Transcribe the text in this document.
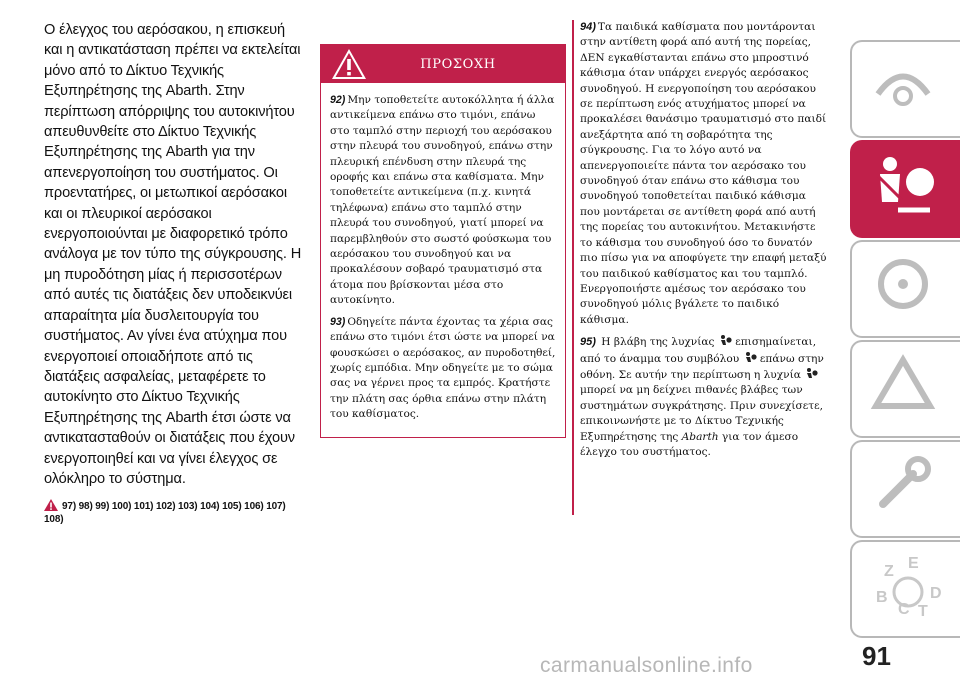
Ο έλεγχος του αερόσακου, η επισκευή και η αντικατάσταση πρέπει να εκτελείται μόνο από το Δίκτυο Τεχνικής Εξυπηρέτησης της Abarth. Στην περίπτωση απόρριψης του αυτοκινήτου απευθυνθείτε στο Δίκτυο Τεχνικής Εξυπηρέτησης της Abarth για την απενεργοποίηση του συστήματος. Οι προεντατήρες, οι μετωπικοί αερόσακοι και οι πλευρικοί αερόσακοι ενεργοποιούνται με διαφορετικό τρόπο ανάλογα με τον τύπο της σύγκρουσης. Η μη πυροδότηση μίας ή περισσοτέρων από αυτές τις διατάξεις δεν υποδεικνύει απαραίτητα μία δυσλειτουργία του συστήματος. Αν γίνει ένα ατύχημα που ενεργοποιεί οποιαδήποτε από τις διατάξεις ασφαλείας, μεταφέρετε το αυτοκίνητο στο Δίκτυο Τεχνικής Εξυπηρέτησης της Abarth έτσι ώστε να αντικατασταθούν οι διατάξεις που έχουν ενεργοποιηθεί και να γίνει έλεγχος σε ολόκληρο το σύστημα.

97) 98) 99) 100) 101) 102) 103) 104) 105) 106) 107) 108)
ΠΡΟΣΟΧΗ

92) Μην τοποθετείτε αυτοκόλλητα ή άλλα αντικείμενα επάνω στο τιμόνι, επάνω στο ταμπλό στην περιοχή του αερόσακου στην πλευρά του συνοδηγού, επάνω στην πλευρική επένδυση στην πλευρά της οροφής και επάνω στα καθίσματα. Μην τοποθετείτε αντικείμενα (π.χ. κινητά τηλέφωνα) επάνω στο ταμπλό στην πλευρά του συνοδηγού, γιατί μπορεί να παρεμβληθούν στο σωστό φούσκωμα του αερόσακου του συνοδηγού και να προκαλέσουν σοβαρό τραυματισμό στα άτομα που βρίσκονται μέσα στο αυτοκίνητο.

93) Οδηγείτε πάντα έχοντας τα χέρια σας επάνω στο τιμόνι έτσι ώστε να μπορεί να φουσκώσει ο αερόσακος, αν πυροδοτηθεί, χωρίς εμπόδια. Μην οδηγείτε με το σώμα σας να γέρνει προς τα εμπρός. Κρατήστε την πλάτη σας όρθια επάνω στην πλάτη του καθίσματος.

94) Τα παιδικά καθίσματα που μοντάρονται στην αντίθετη φορά από αυτή της πορείας, ΔΕΝ εγκαθίστανται επάνω στο μπροστινό κάθισμα όταν υπάρχει ενεργός αερόσακος συνοδηγού. Η ενεργοποίηση του αερόσακου σε περίπτωση ενός ατυχήματος μπορεί να προκαλέσει θανάσιμο τραυματισμό στο παιδί ανεξάρτητα από τη σοβαρότητα της σύγκρουσης. Για το λόγο αυτό να απενεργοποιείτε πάντα τον αερόσακο του συνοδηγού όταν επάνω στο κάθισμα του συνοδηγού τοποθετείται παιδικό κάθισμα που μοντάρεται σε αντίθετη φορά από αυτή της πορείας του αυτοκινήτου. Μετακινήστε το κάθισμα του συνοδηγού όσο το δυνατόν πιο πίσω για να αποφύγετε την επαφή μεταξύ του παιδικού καθίσματος και του ταμπλό. Ενεργοποιήστε αμέσως τον αερόσακο του συνοδηγού μόλις βγάλετε το παιδικό κάθισμα.

95) Η βλάβη της λυχνίας επισημαίνεται, από το άναμμα του συμβόλου επάνω στην οθόνη. Σε αυτήν την περίπτωση η λυχνία  μπορεί να μη δείχνει πιθανές βλάβες των συστημάτων συγκράτησης. Πριν συνεχίσετε, επικοινωνήστε με το Δίκτυο Τεχνικής Εξυπηρέτησης της Abarth για τον άμεσο έλεγχο του συστήματος.

Z E
B
C T
D
91
carmanualsonline.info
